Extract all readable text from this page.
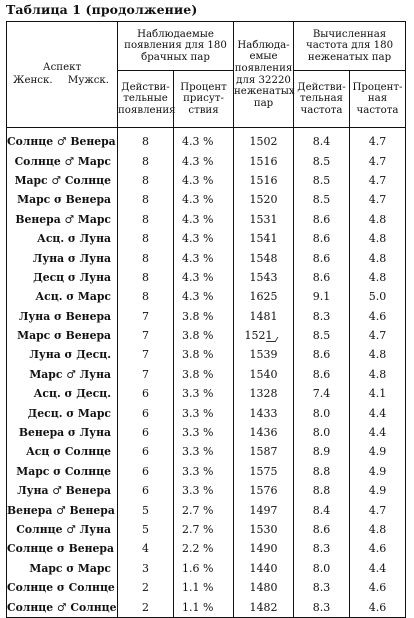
Таблица 1 (продолжение)
Аспект
Женск. Мужск.	Наблюдаемые появления для 180 брачных пар		Наблюда-емые появления для 32220 неженатых пар	Вычисленная частота для 180 неженатых пар	
	Действи-тельные появления	Процент присут-ствия		Действи-тельная частота	Процент-ная частота
Солнце ♂ Венера	8	4.3 %	1502	8.4	4.7
Солнце ♂ Марс	8	4.3 %	1516	8.5	4.7
Марс ♂ Солнце	8	4.3 %	1516	8.5	4.7
Марс σ Венера	8	4.3 %	1520	8.5	4.7
Венера ♂ Марс	8	4.3 %	1531	8.6	4.8
Асц. σ Луна	8	4.3 %	1541	8.6	4.8
Луна σ Луна	8	4.3 %	1548	8.6	4.8
Десц σ Луна	8	4.3 %	1543	8.6	4.8
Асц. σ Марс	8	4.3 %	1625	9.1	5.0
Луна σ Венера	7	3.8 %	1481	8.3	4.6
Марс σ Венера	7	3.8 %	1521	8.5	4.7
Луна σ Десц.	7	3.8 %	1539	8.6	4.8
Марс ♂ Луна	7	3.8 %	1540	8.6	4.8
Асц. σ Десц.	6	3.3 %	1328	7.4	4.1
Десц. σ Марс	6	3.3 %	1433	8.0	4.4
Венера σ Луна	6	3.3 %	1436	8.0	4.4
Асц σ Солнце	6	3.3 %	1587	8.9	4.9
Марс σ Солнце	6	3.3 %	1575	8.8	4.9
Луна ♂ Венера	6	3.3 %	1576	8.8	4.9
Венера ♂ Венера	5	2.7 %	1497	8.4	4.7
Солнце ♂ Луна	5	2.7 %	1530	8.6	4.8
Солнце σ Венера	4	2.2 %	1490	8.3	4.6
Марс σ Марс	3	1.6 %	1440	8.0	4.4
Солнце σ Солнце	2	1.1 %	1480	8.3	4.6
Солнце ♂ Солнце	2	1.1 %	1482	8.3	4.6
